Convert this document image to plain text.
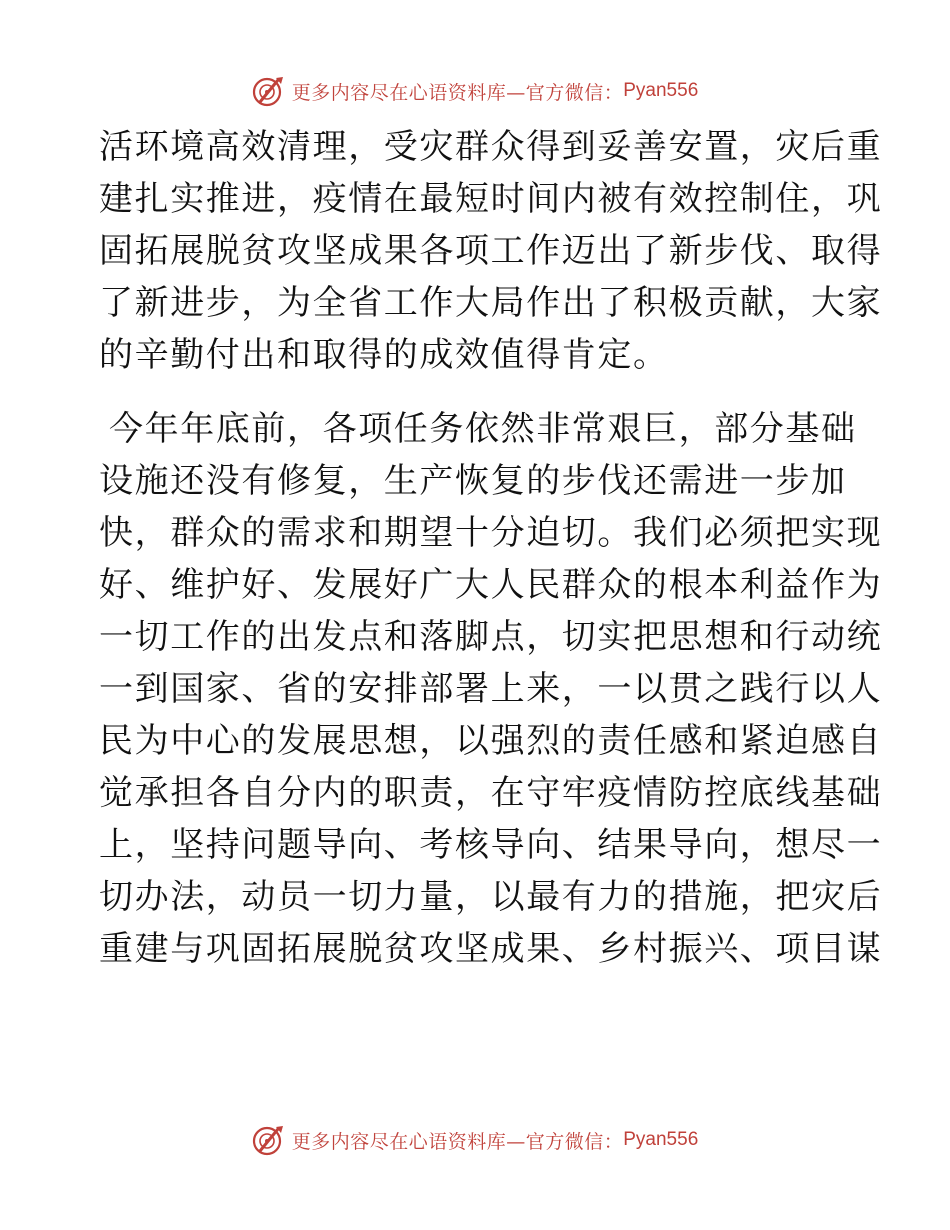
更多内容尽在心语资料库—官方微信： Pyan556
活环境高效清理，受灾群众得到妥善安置，灾后重
建扎实推进，疫情在最短时间内被有效控制住，巩
固拓展脱贫攻坚成果各项工作迈出了新步伐、取得
了新进步，为全省工作大局作出了积极贡献，大家
的辛勤付出和取得的成效值得肯定。
今年年底前，各项任务依然非常艰巨，部分基础
设施还没有修复，生产恢复的步伐还需进一步加
快，群众的需求和期望十分迫切。我们必须把实现
好、维护好、发展好广大人民群众的根本利益作为
一切工作的出发点和落脚点，切实把思想和行动统
一到国家、省的安排部署上来，一以贯之践行以人
民为中心的发展思想，以强烈的责任感和紧迫感自
觉承担各自分内的职责，在守牢疫情防控底线基础
上，坚持问题导向、考核导向、结果导向，想尽一
切办法，动员一切力量，以最有力的措施，把灾后
重建与巩固拓展脱贫攻坚成果、乡村振兴、项目谋
更多内容尽在心语资料库—官方微信： Pyan556
